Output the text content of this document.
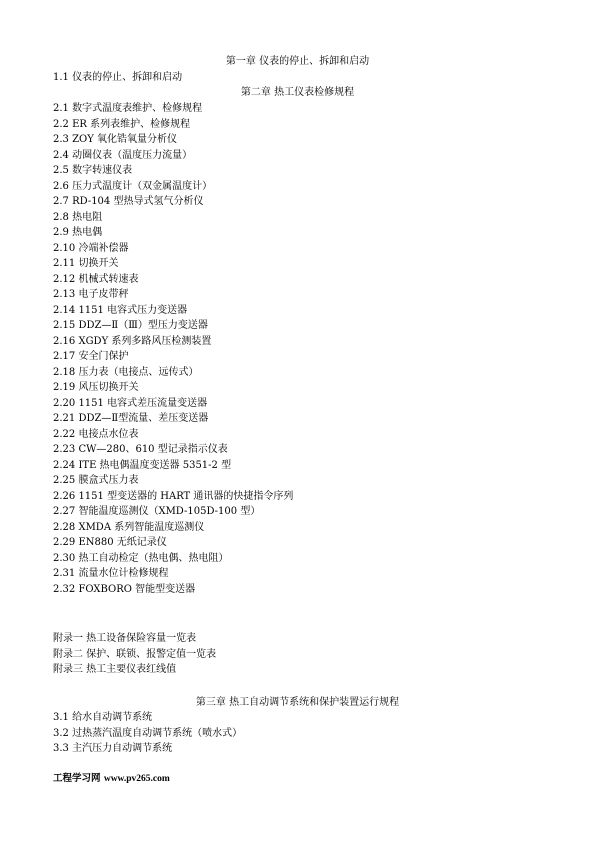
第一章 仪表的停止、拆卸和启动
1.1 仪表的停止、拆卸和启动
第二章 热工仪表检修规程
2.1 数字式温度表维护、检修规程
2.2 ER 系列表维护、检修规程
2.3 ZOY 氧化锆氧量分析仪
2.4 动圈仪表（温度压力流量）
2.5 数字转速仪表
2.6 压力式温度计（双金属温度计）
2.7 RD-104 型热导式氢气分析仪
2.8 热电阻
2.9 热电偶
2.10 冷端补偿器
2.11 切换开关
2.12 机械式转速表
2.13 电子皮带秤
2.14 1151 电容式压力变送器
2.15 DDZ—Ⅱ（Ⅲ）型压力变送器
2.16 XGDY 系列多路风压检测装置
2.17 安全门保护
2.18 压力表（电接点、远传式）
2.19 风压切换开关
2.20 1151 电容式差压流量变送器
2.21 DDZ—Ⅱ型流量、差压变送器
2.22 电接点水位表
2.23 CW—280、610 型记录指示仪表
2.24 ITE 热电偶温度变送器 5351-2 型
2.25 膜盒式压力表
2.26 1151 型变送器的 HART 通讯器的快捷指令序列
2.27 智能温度巡测仪（XMD-105D-100 型）
2.28 XMDA 系列智能温度巡测仪
2.29 EN880 无纸记录仪
2.30 热工自动检定（热电偶、热电阻）
2.31 流量水位计检修规程
2.32 FOXBORO 智能型变送器
附录一 热工设备保险容量一览表
附录二 保护、联锁、报警定值一览表
附录三 热工主要仪表红线值
第三章 热工自动调节系统和保护装置运行规程
3.1 给水自动调节系统
3.2 过热蒸汽温度自动调节系统（喷水式）
3.3 主汽压力自动调节系统
工程学习网 www.pv265.com
